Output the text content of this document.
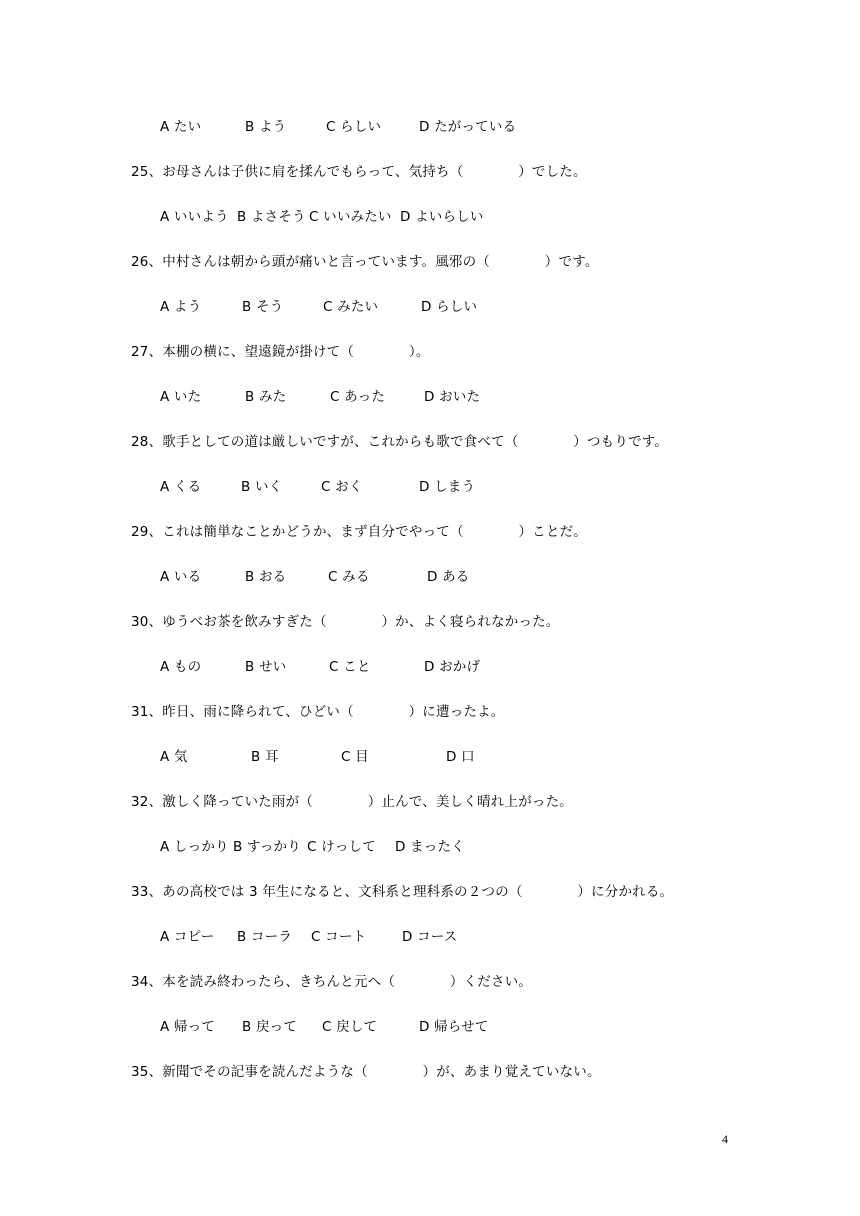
A たい	B よう	C らしい	D たがっている
25、お母さんは子供に肩を揉んでもらって、気持ち（　　　　）でした。
A いいよう B よさそう C いいみたい D よいらしい
26、中村さんは朝から頭が痛いと言っています。風邪の（　　　　）です。
A よう	B そう	C みたい	D らしい
27、本棚の横に、望遠鏡が掛けて（　　　　）。
A いた	B みた	C あった	D おいた
28、歌手としての道は厳しいですが、これからも歌で食べて（　　　　）つもりです。
A くる	B いく	C おく	D しまう
29、これは簡単なことかどうか、まず自分でやって（　　　　）ことだ。
A いる	B おる	C みる	D ある
30、ゆうべお茶を飲みすぎた（　　　　）か、よく寝られなかった。
A もの	B せい	C こと	D おかげ
31、昨日、雨に降られて、ひどい（　　　　）に遭ったよ。
A 気	B 耳	C 目	D 口
32、激しく降っていた雨が（　　　　）止んで、美しく晴れ上がった。
A しっかり B すっかり C けっして D まったく
33、あの高校では 3 年生になると、文科系と理科系の２つの（　　　　）に分かれる。
A コピー B コーラ C コート	D コース
34、本を読み終わったら、きちんと元へ（　　　　）ください。
A 帰って B 戻って C 戻して	D 帰らせて
35、新聞でその記事を読んだような（　　　　）が、あまり覚えていない。
4
